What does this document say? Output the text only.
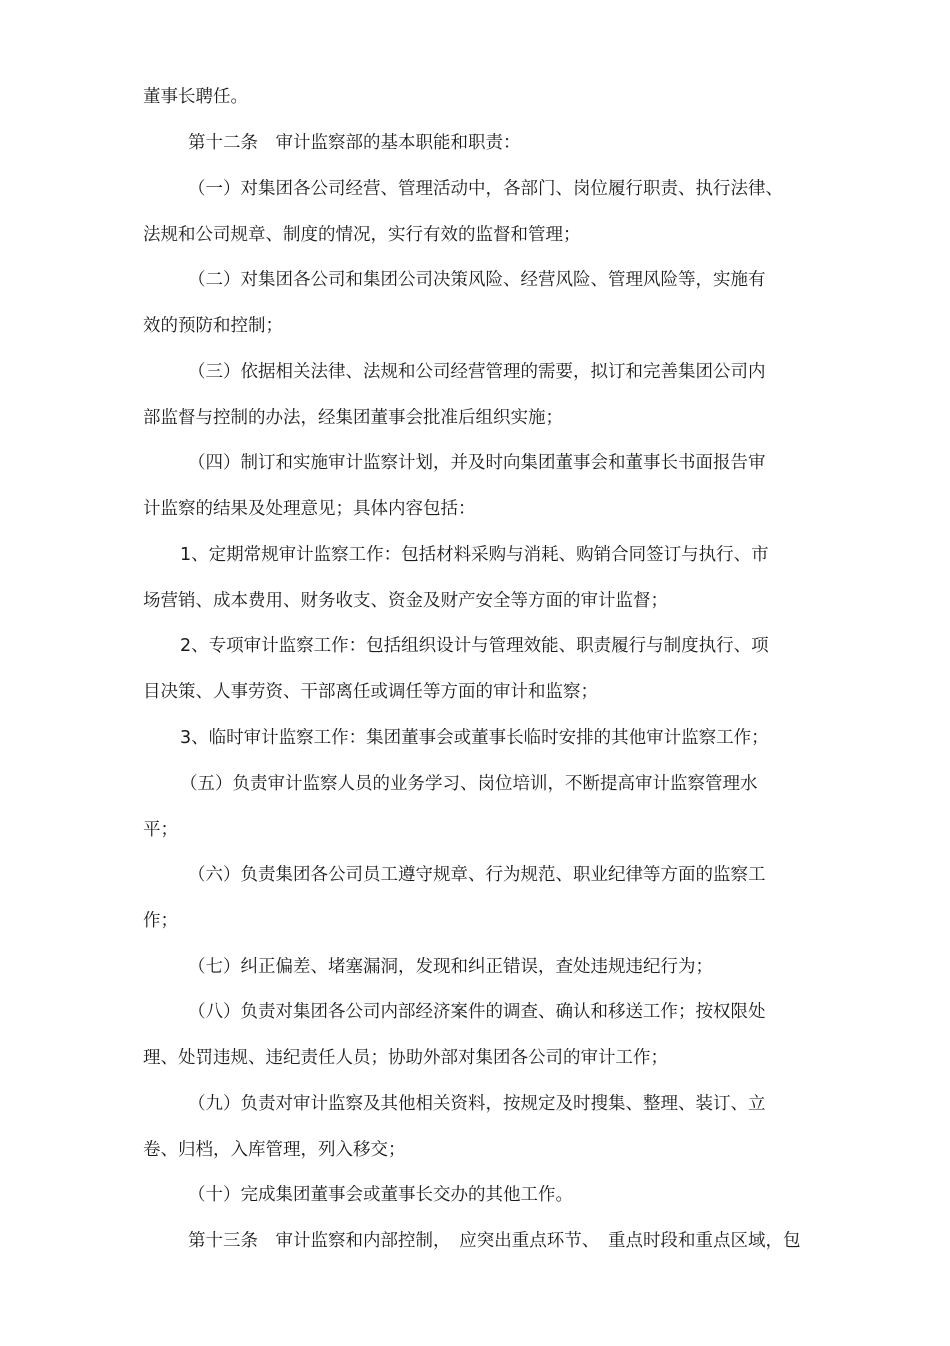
董事长聘任。
第十二条　审计监察部的基本职能和职责：
（一）对集团各公司经营、管理活动中，各部门、岗位履行职责、执行法律、
法规和公司规章、制度的情况，实行有效的监督和管理；
（二）对集团各公司和集团公司决策风险、经营风险、管理风险等，实施有
效的预防和控制；
（三）依据相关法律、法规和公司经营管理的需要，拟订和完善集团公司内
部监督与控制的办法，经集团董事会批准后组织实施；
（四）制订和实施审计监察计划，并及时向集团董事会和董事长书面报告审
计监察的结果及处理意见；具体内容包括：
1、定期常规审计监察工作：包括材料采购与消耗、购销合同签订与执行、市
场营销、成本费用、财务收支、资金及财产安全等方面的审计监督；
2、专项审计监察工作：包括组织设计与管理效能、职责履行与制度执行、项
目决策、人事劳资、干部离任或调任等方面的审计和监察；
3、临时审计监察工作：集团董事会或董事长临时安排的其他审计监察工作；
（五）负责审计监察人员的业务学习、岗位培训，不断提高审计监察管理水
平；
（六）负责集团各公司员工遵守规章、行为规范、职业纪律等方面的监察工
作；
（七）纠正偏差、堵塞漏洞，发现和纠正错误，查处违规违纪行为；
（八）负责对集团各公司内部经济案件的调查、确认和移送工作；按权限处
理、处罚违规、违纪责任人员；协助外部对集团各公司的审计工作；
（九）负责对审计监察及其他相关资料，按规定及时搜集、整理、装订、立
卷、归档，入库管理，列入移交；
（十）完成集团董事会或董事长交办的其他工作。
第十三条　审计监察和内部控制，　应突出重点环节、　重点时段和重点区域，包
